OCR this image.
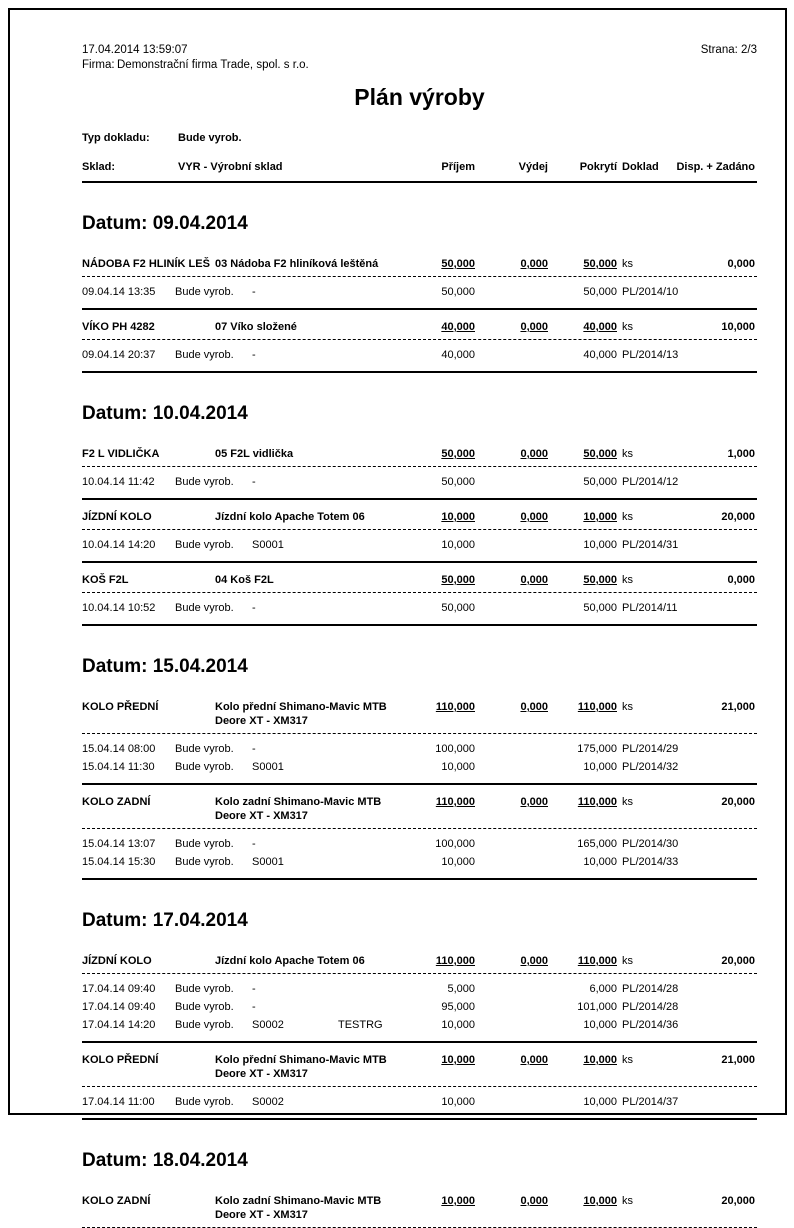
17.04.2014 13:59:07	Strana: 2/3
Firma: Demonstrační firma Trade, spol. s r.o.
Plán výroby
Typ dokladu:	Bude vyrob.
Sklad:	VYR - Výrobní sklad	Příjem	Výdej	Pokrytí Doklad	Disp. + Zadáno
Datum: 09.04.2014
NÁDOBA F2 HLINÍK LEŠ 03 Nádoba F2 hliníková leštěná	50,000	0,000	50,000 ks	0,000
09.04.14 13:35 Bude vyrob. -	50,000	50,000 PL/2014/10
VÍKO PH 4282	07 Víko složené	40,000	0,000	40,000 ks	10,000
09.04.14 20:37 Bude vyrob. -	40,000	40,000 PL/2014/13
Datum: 10.04.2014
F2 L VIDLIČKA	05 F2L vidlička	50,000	0,000	50,000 ks	1,000
10.04.14 11:42 Bude vyrob. -	50,000	50,000 PL/2014/12
JÍZDNÍ KOLO	Jízdní kolo Apache Totem 06	10,000	0,000	10,000 ks	20,000
10.04.14 14:20 Bude vyrob. S0001	10,000	10,000 PL/2014/31
KOŠ F2L	04 Koš F2L	50,000	0,000	50,000 ks	0,000
10.04.14 10:52 Bude vyrob. -	50,000	50,000 PL/2014/11
Datum: 15.04.2014
KOLO PŘEDNÍ	Kolo přední Shimano-Mavic MTB Deore XT - XM317
110,000	0,000	110,000 ks	21,000
15.04.14 08:00 Bude vyrob. -	100,000	175,000 PL/2014/29
15.04.14 11:30 Bude vyrob. S0001	10,000	10,000 PL/2014/32
KOLO ZADNÍ	Kolo zadní Shimano-Mavic MTB Deore XT - XM317
110,000	0,000	110,000 ks	20,000
15.04.14 13:07 Bude vyrob. -	100,000	165,000 PL/2014/30
15.04.14 15:30 Bude vyrob. S0001	10,000	10,000 PL/2014/33
Datum: 17.04.2014
JÍZDNÍ KOLO	Jízdní kolo Apache Totem 06	110,000	0,000	110,000 ks	20,000
17.04.14 09:40 Bude vyrob. -	5,000	6,000 PL/2014/28
17.04.14 09:40 Bude vyrob. -	95,000	101,000 PL/2014/28
17.04.14 14:20 Bude vyrob. S0002	TESTRG	10,000	10,000 PL/2014/36
KOLO PŘEDNÍ	Kolo přední Shimano-Mavic MTB Deore XT - XM317
10,000	0,000	10,000 ks	21,000
17.04.14 11:00 Bude vyrob. S0002	10,000	10,000 PL/2014/37
Datum: 18.04.2014
KOLO ZADNÍ	Kolo zadní Shimano-Mavic MTB Deore XT - XM317
10,000	0,000	10,000 ks	20,000
